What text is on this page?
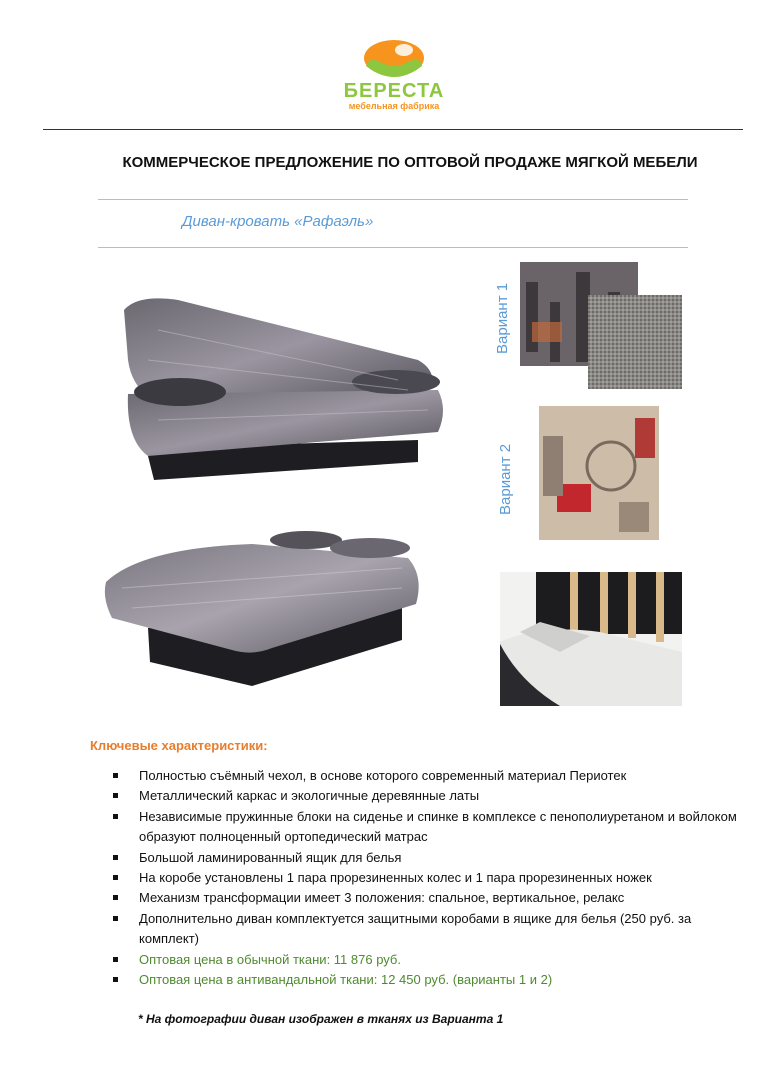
БЕРЕСТА
мебельная фабрика
КОММЕРЧЕСКОЕ ПРЕДЛОЖЕНИЕ ПО ОПТОВОЙ ПРОДАЖЕ МЯГКОЙ МЕБЕЛИ
Диван-кровать «Рафаэль»
Вариант 1
Вариант 2
Ключевые характеристики:
Полностью съёмный чехол, в основе которого современный материал Периотек
Металлический каркас и экологичные деревянные латы
Независимые пружинные блоки на сиденье и спинке в комплексе с пенополиуретаном и войлоком образуют полноценный ортопедический матрас
Большой ламинированный ящик для белья
На коробе установлены 1 пара прорезиненных колес и 1 пара прорезиненных ножек
Механизм трансформации имеет 3 положения: спальное, вертикальное, релакс
Дополнительно диван комплектуется защитными коробами в ящике для белья (250 руб. за комплект)
Оптовая цена в обычной ткани: 11 876 руб.
Оптовая цена в антивандальной ткани: 12 450 руб. (варианты 1 и 2)
* На фотографии диван изображен в тканях из Варианта 1
